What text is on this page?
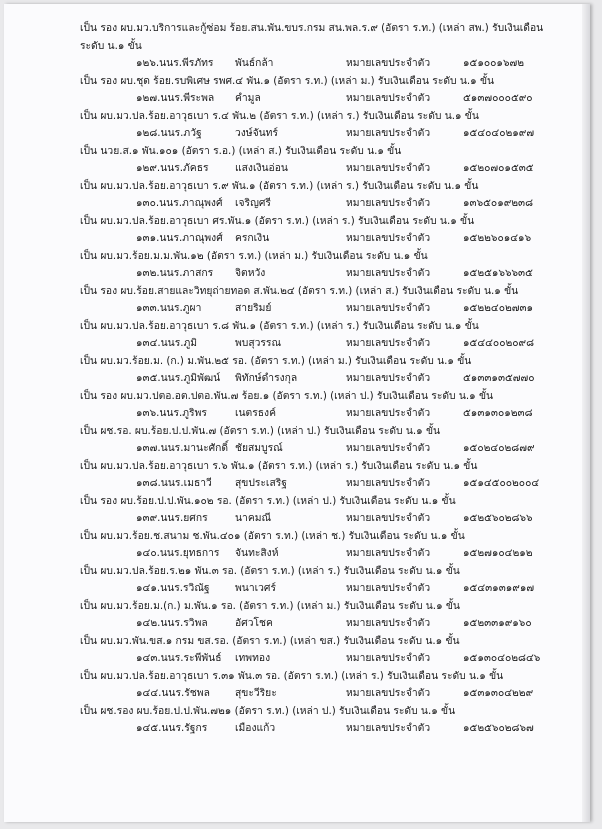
เป็น รอง ผบ.มว.บริการและกู้ซ่อม ร้อย.สน.พัน.ขบร.กรม สน.พล.ร.๙ (อัตรา ร.ท.) (เหล่า สพ.) รับเงินเดือน
ระดับ น.๑ ขั้น
๑๒๖.นนร.พีรภัทร พันธ์กล้า	หมายเลขประจำตัว	๑๕๑๐๐๑๖๗๒
เป็น รอง ผบ.ชุด ร้อย.รบพิเศษ รพศ.๔ พัน.๑ (อัตรา ร.ท.) (เหล่า ม.) รับเงินเดือน ระดับ น.๑ ขั้น
๑๒๗.นนร.พีระพล คำมูล	หมายเลขประจำตัว	๕๑๓๗๐๐๐๕๙๐
เป็น ผบ.มว.ปล.ร้อย.อาวุธเบา ร.๔ พัน.๒ (อัตรา ร.ท.) (เหล่า ร.) รับเงินเดือน ระดับ น.๑ ขั้น
๑๒๘.นนร.ภวัฐ	วงษ์จันทร์	หมายเลขประจำตัว	๑๕๔๐๔๐๒๑๙๗
เป็น นวย.ส.๑ พัน.๑๐๑ (อัตรา ร.อ.) (เหล่า ส.) รับเงินเดือน ระดับ น.๑ ขั้น
๑๒๙.นนร.ภัคธร	แสงเงินอ่อน	หมายเลขประจำตัว	๑๕๒๐๗๐๑๕๓๕
เป็น ผบ.มว.ปล.ร้อย.อาวุธเบา ร.๙ พัน.๑ (อัตรา ร.ท.) (เหล่า ร.) รับเงินเดือน ระดับ น.๑ ขั้น
๑๓๐.นนร.ภาณุพงศ์ เจริญศรี	หมายเลขประจำตัว	๑๓๖๕๐๑๙๒๓๘
เป็น ผบ.มว.ปล.ร้อย.อาวุธเบา ศร.พัน.๑ (อัตรา ร.ท.) (เหล่า ร.) รับเงินเดือน ระดับ น.๑ ขั้น
๑๓๑.นนร.ภาณุพงศ์ ครกเงิน	หมายเลขประจำตัว	๑๕๒๒๖๐๑๔๑๖
เป็น ผบ.มว.ร้อย.ม.ม.พัน.๑๒ (อัตรา ร.ท.) (เหล่า ม.) รับเงินเดือน ระดับ น.๑ ขั้น
๑๓๒.นนร.ภาสกร จิตหวัง	หมายเลขประจำตัว	๑๕๒๕๑๖๖๖๓๕
เป็น รอง ผบ.ร้อย.สายและวิทยุถ่ายทอด ส.พัน.๒๔ (อัตรา ร.ท.) (เหล่า ส.) รับเงินเดือน ระดับ น.๑ ขั้น
๑๓๓.นนร.ภูผา	สายริมย์	หมายเลขประจำตัว	๑๕๒๒๔๐๒๗๓๑
เป็น ผบ.มว.ปล.ร้อย.อาวุธเบา ร.๘ พัน.๑ (อัตรา ร.ท.) (เหล่า ร.) รับเงินเดือน ระดับ น.๑ ขั้น
๑๓๔.นนร.ภูมิ	พบสุวรรณ	หมายเลขประจำตัว	๑๕๔๔๐๐๒๐๙๘
เป็น ผบ.มว.ร้อย.ม. (ก.) ม.พัน.๒๕ รอ. (อัตรา ร.ท.) (เหล่า ม.) รับเงินเดือน ระดับ น.๑ ขั้น
๑๓๕.นนร.ภูมิพัฒน์ พิทักษ์ดำรงกุล	หมายเลขประจำตัว	๕๑๓๓๑๓๕๗๗๐
เป็น รอง ผบ.มว.ปตอ.อต.ปตอ.พัน.๗ ร้อย.๑ (อัตรา ร.ท.) (เหล่า ป.) รับเงินเดือน ระดับ น.๑ ขั้น
๑๓๖.นนร.ภูริพร	เนตรธงค์	หมายเลขประจำตัว	๕๑๓๑๓๐๑๒๓๘
เป็น ผช.รอ. ผบ.ร้อย.ป.ป.พัน.๗ (อัตรา ร.ท.) (เหล่า ป.) รับเงินเดือน ระดับ น.๑ ขั้น
๑๓๗.นนร.มานะศักดิ์ ชัยสมบูรณ์	หมายเลขประจำตัว	๑๕๐๒๔๐๒๘๗๙
เป็น ผบ.มว.ปล.ร้อย.อาวุธเบา ร.๖ พัน.๑ (อัตรา ร.ท.) (เหล่า ร.) รับเงินเดือน ระดับ น.๑ ขั้น
๑๓๘.นนร.เมธาวี สุขประเสริฐ	หมายเลขประจำตัว	๑๕๑๔๕๐๐๒๐๐๔
เป็น รอง ผบ.ร้อย.ป.ป.พัน.๑๐๒ รอ. (อัตรา ร.ท.) (เหล่า ป.) รับเงินเดือน ระดับ น.๑ ขั้น
๑๓๙.นนร.ยศกร	นาคมณี	หมายเลขประจำตัว	๑๕๒๕๖๐๒๘๖๖
เป็น ผบ.มว.ร้อย.ช.สนาม ช.พัน.๔๐๑ (อัตรา ร.ท.) (เหล่า ช.) รับเงินเดือน ระดับ น.๑ ขั้น
๑๔๐.นนร.ยุทธการ จันทะสิงห์	หมายเลขประจำตัว	๑๕๒๗๑๐๔๒๑๒
เป็น ผบ.มว.ปล.ร้อย.ร.๒๑ พัน.๓ รอ. (อัตรา ร.ท.) (เหล่า ร.) รับเงินเดือน ระดับ น.๑ ขั้น
๑๔๑.นนร.รวิณัฐ พนาเวศร์	หมายเลขประจำตัว	๑๕๔๓๑๓๑๙๑๗
เป็น ผบ.มว.ร้อย.ม.(ก.) ม.พัน.๑ รอ. (อัตรา ร.ท.) (เหล่า ม.) รับเงินเดือน ระดับ น.๑ ขั้น
๑๔๒.นนร.รวิพล	อัศวโชค	หมายเลขประจำตัว	๑๕๒๓๓๑๙๑๖๐
เป็น ผบ.มว.พัน.ขส.๑ กรม ขส.รอ. (อัตรา ร.ท.) (เหล่า ขส.) รับเงินเดือน ระดับ น.๑ ขั้น
๑๔๓.นนร.ระพีพันธ์ เทพทอง	หมายเลขประจำตัว	๑๕๑๓๐๔๐๒๘๔๖
เป็น ผบ.มว.ปล.ร้อย.อาวุธเบา ร.๓๑ พัน.๓ รอ. (อัตรา ร.ท.) (เหล่า ร.) รับเงินเดือน ระดับ น.๑ ขั้น
๑๔๔.นนร.รัชพล สุขะวีริยะ	หมายเลขประจำตัว	๑๕๓๑๓๐๔๒๒๙
เป็น ผช.รอง ผบ.ร้อย.ป.ป.พัน.๗๒๑ (อัตรา ร.ท.) (เหล่า ป.) รับเงินเดือน ระดับ น.๑ ขั้น
๑๔๕.นนร.รัฐกร	เมืองแก้ว	หมายเลขประจำตัว	๑๕๒๕๖๐๒๘๖๗
